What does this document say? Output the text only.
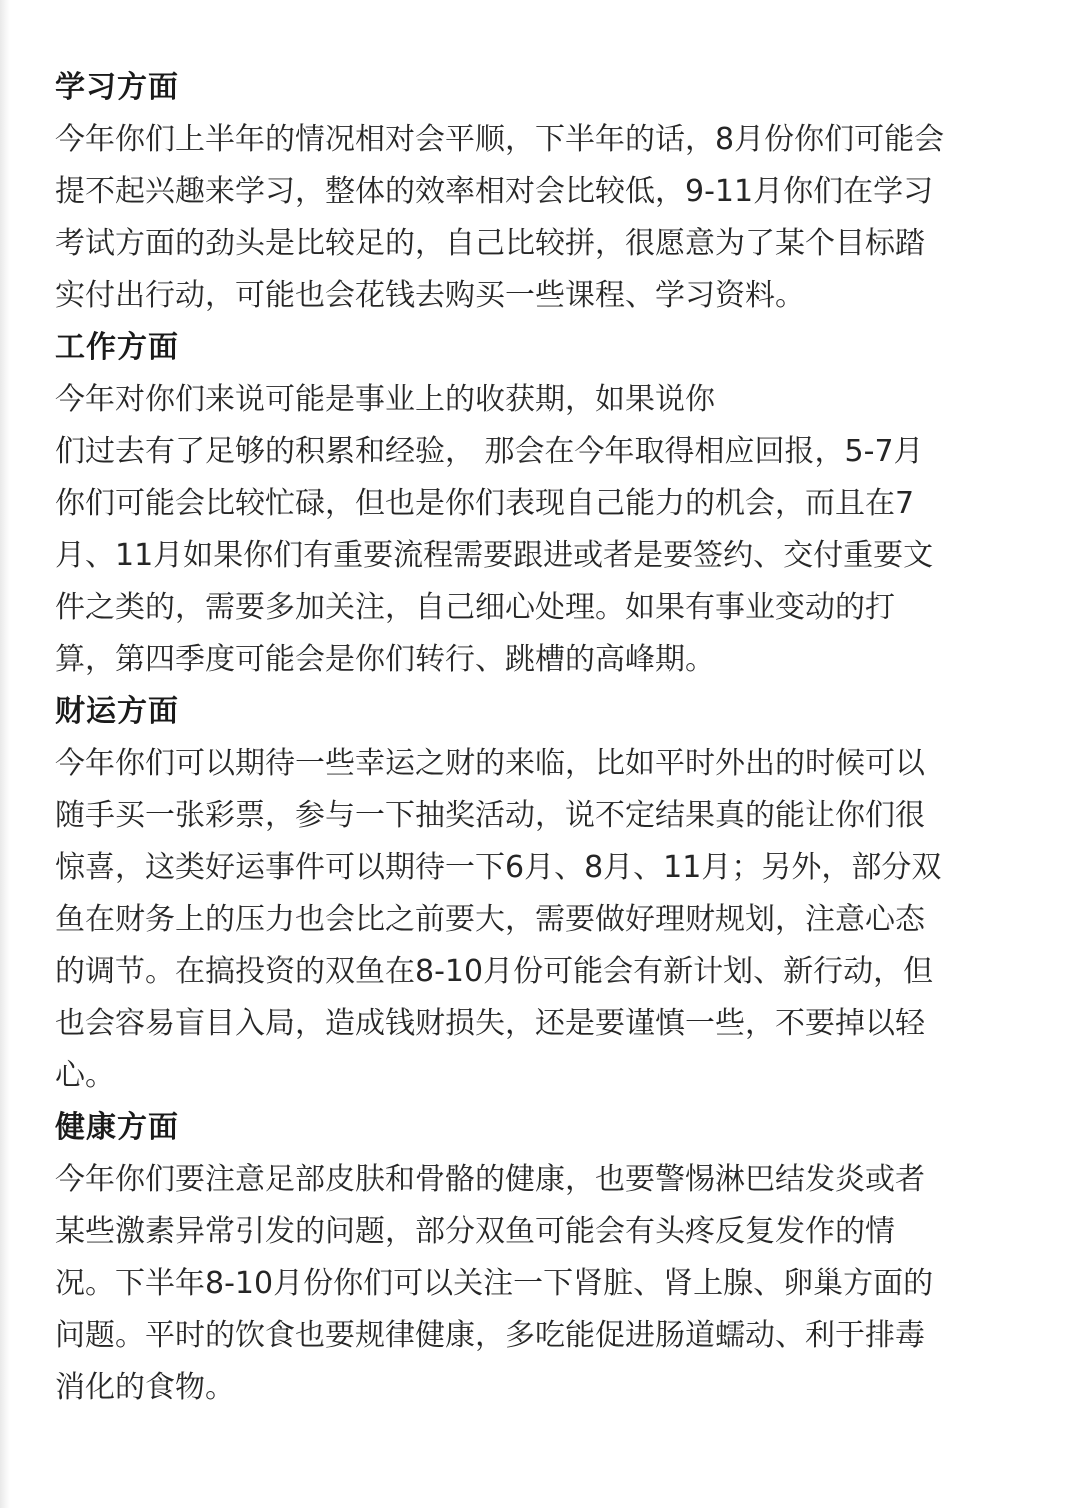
学习方面
今年你们上半年的情况相对会平顺，下半年的话，8月份你们可能会
提不起兴趣来学习，整体的效率相对会比较低，9-11月你们在学习
考试方面的劲头是比较足的，自己比较拼，很愿意为了某个目标踏
实付出行动，可能也会花钱去购买一些课程、学习资料。
工作方面
今年对你们来说可能是事业上的收获期，如果说你
们过去有了足够的积累和经验， 那会在今年取得相应回报，5-7月
你们可能会比较忙碌，但也是你们表现自己能力的机会，而且在7
月、11月如果你们有重要流程需要跟进或者是要签约、交付重要文
件之类的，需要多加关注，自己细心处理。如果有事业变动的打
算，第四季度可能会是你们转行、跳槽的高峰期。
财运方面
今年你们可以期待一些幸运之财的来临，比如平时外出的时候可以
随手买一张彩票，参与一下抽奖活动，说不定结果真的能让你们很
惊喜，这类好运事件可以期待一下6月、8月、11月；另外，部分双
鱼在财务上的压力也会比之前要大，需要做好理财规划，注意心态
的调节。在搞投资的双鱼在8-10月份可能会有新计划、新行动，但
也会容易盲目入局，造成钱财损失，还是要谨慎一些，不要掉以轻
心。
健康方面
今年你们要注意足部皮肤和骨骼的健康，也要警惕淋巴结发炎或者
某些激素异常引发的问题，部分双鱼可能会有头疼反复发作的情
况。下半年8-10月份你们可以关注一下肾脏、肾上腺、卵巢方面的
问题。平时的饮食也要规律健康，多吃能促进肠道蠕动、利于排毒
消化的食物。
